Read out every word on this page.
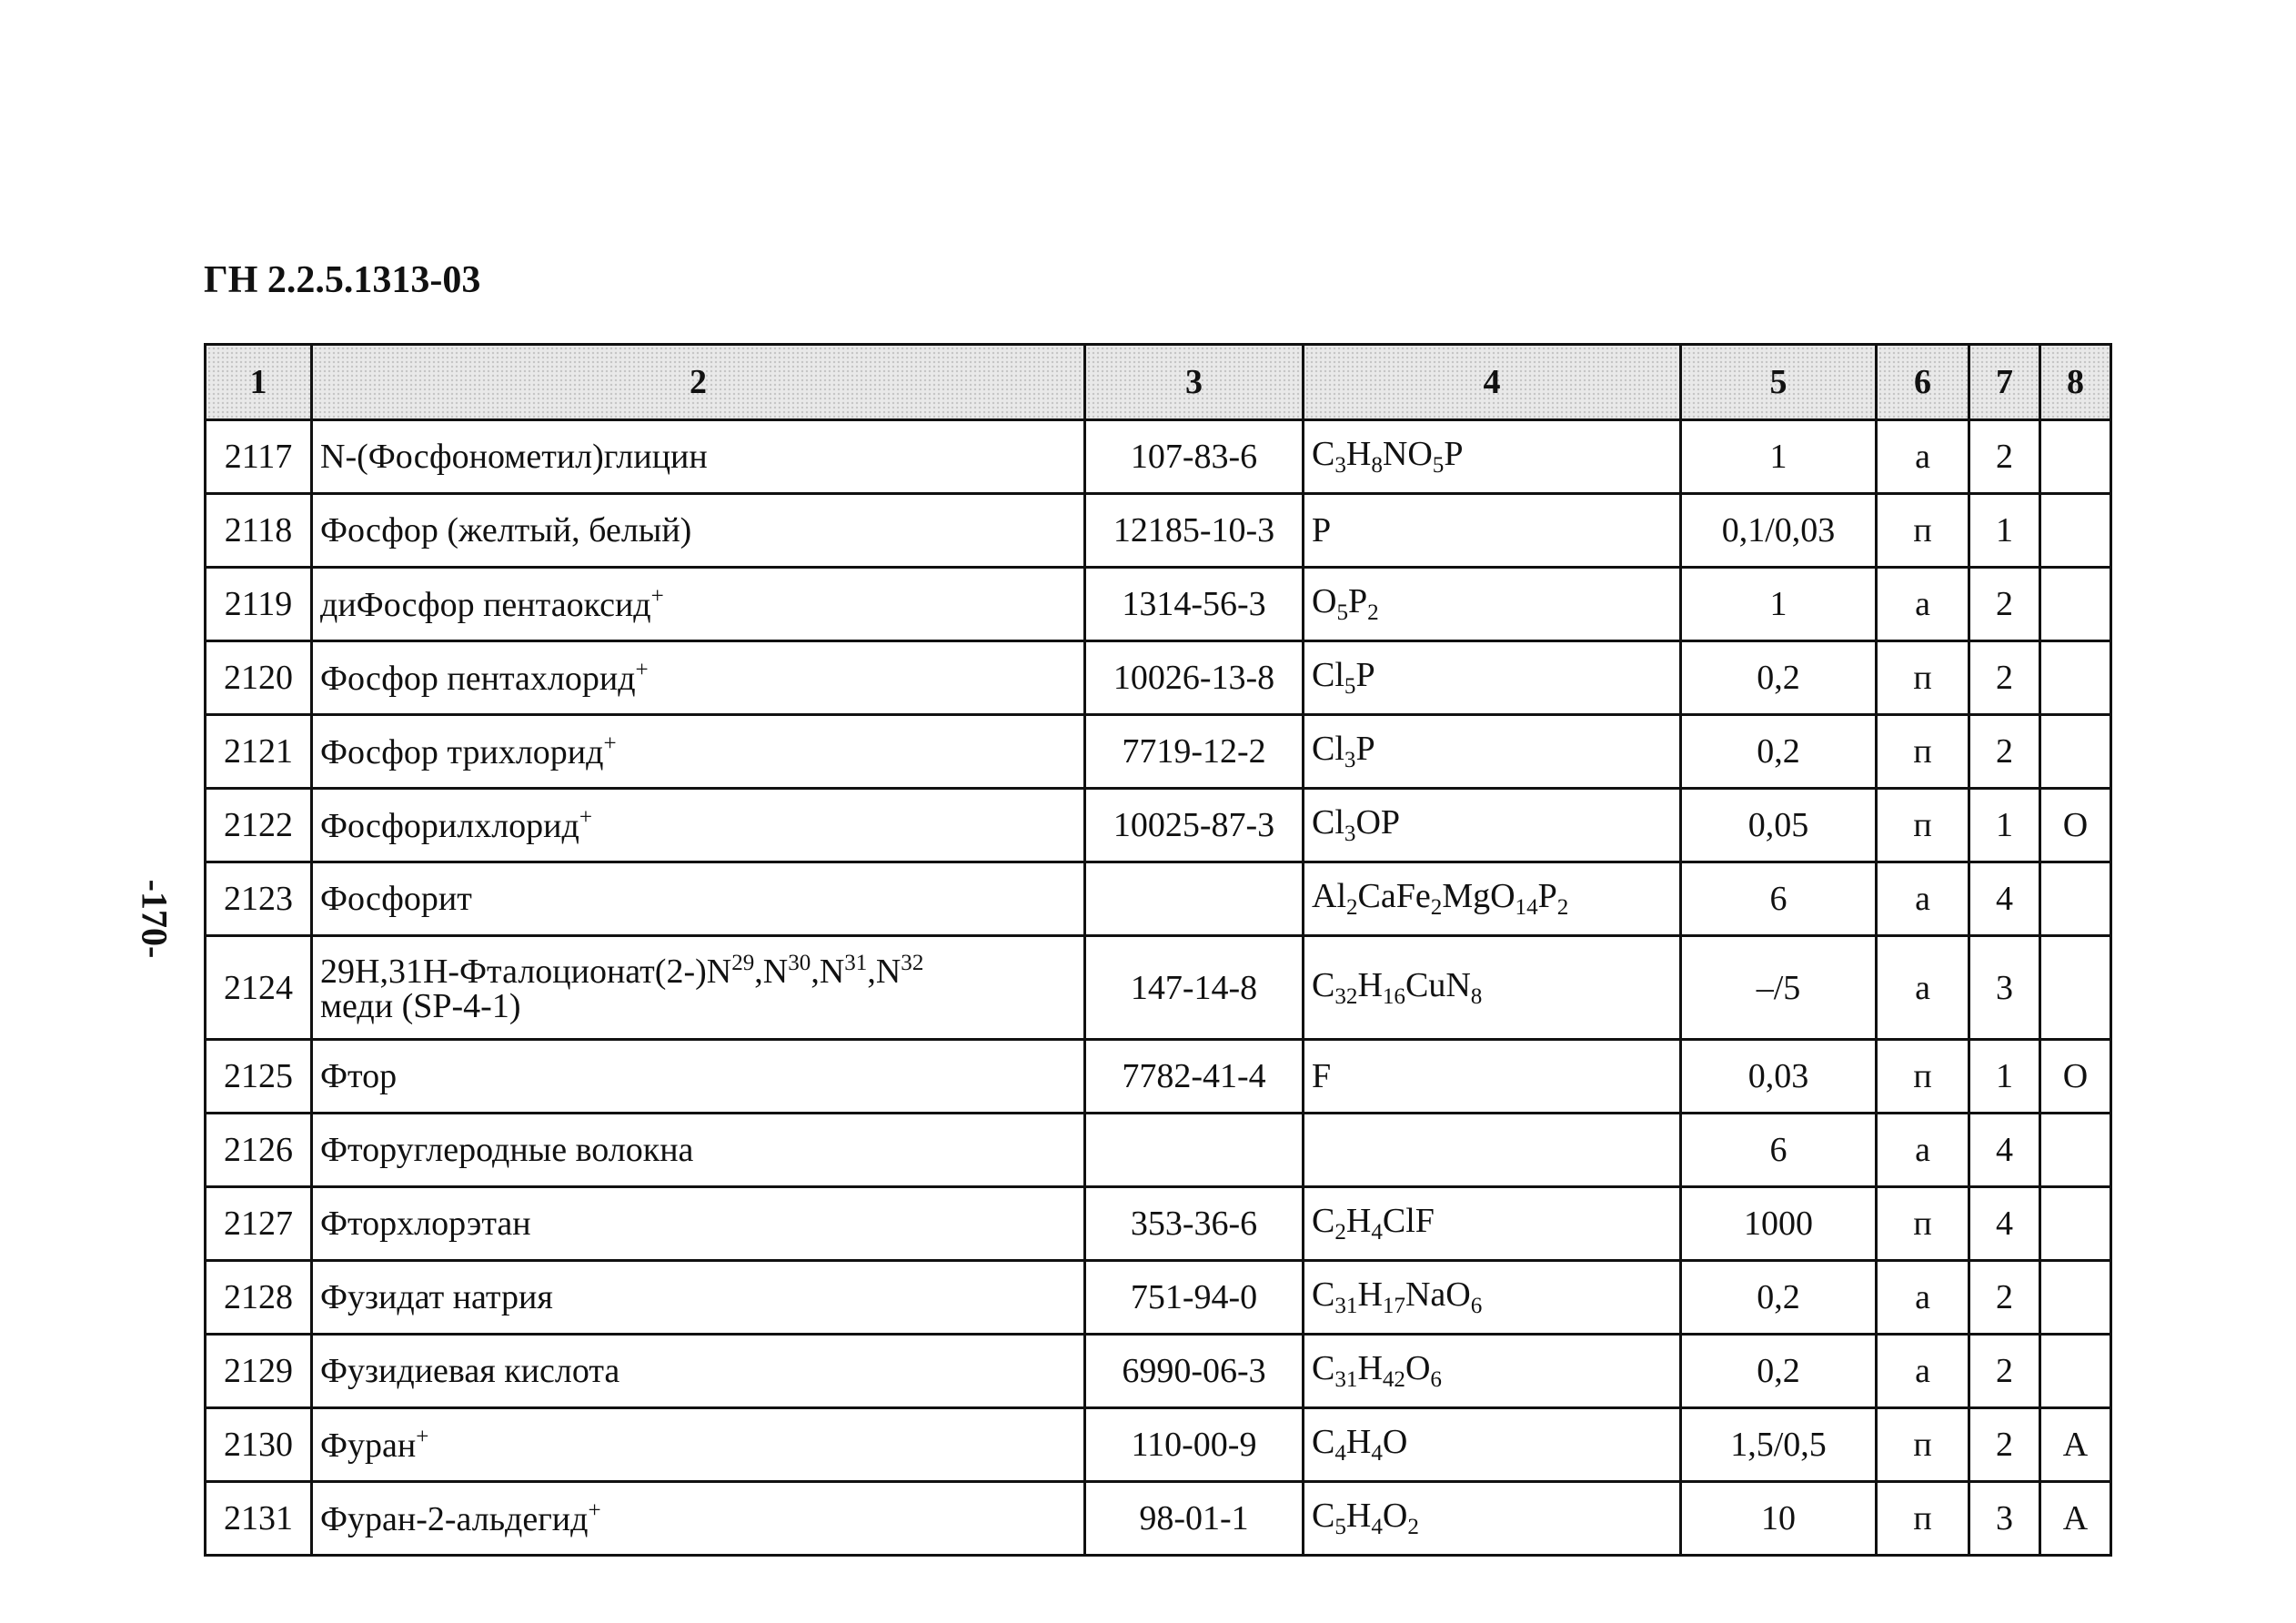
ГН 2.2.5.1313-03
-170-
1	2	3	4	5	6	7	8
2117	N-(Фосфонометил)глицин	107-83-6	$C_3H_8NO_5P$	1	а	2	
2118	Фосфор (желтый, белый)	12185-10-3	P	0,1/0,03	п	1	
2119	диФосфор пентаоксид+	1314-56-3	$O_5P_2$	1	а	2	
2120	Фосфор пентахлорид+	10026-13-8	$Cl_5P$	0,2	п	2	
2121	Фосфор трихлорид+	7719-12-2	$Cl_3P$	0,2	п	2	
2122	Фосфорилхлорид+	10025-87-3	$Cl_3OP$	0,05	п	1	О
2123	Фосфорит		$Al_2CaFe_2MgO_{14}P_2$	6	а	4	
2124	$29Н,31Н-Фталоционат(2-)N^{29},N^{30},N^{31},N^{32}$
меди (SP-4-1)	147-14-8	$C_{32}H_{16}CuN_8$	–/5	а	3	
2125	Фтор	7782-41-4	F	0,03	п	1	О
2126	Фторуглеродные волокна			6	а	4	
2127	Фторхлорэтан	353-36-6	$C_2H_4ClF$	1000	п	4	
2128	Фузидат натрия	751-94-0	$C_{31}H_{17}NaO_6$	0,2	а	2	
2129	Фузидиевая кислота	6990-06-3	$C_{31}H_{42}O_6$	0,2	а	2	
2130	Фуран+	110-00-9	$C_4H_4O$	1,5/0,5	п	2	А
2131	Фуран-2-альдегид+	98-01-1	$C_5H_4O_2$	10	п	3	А
